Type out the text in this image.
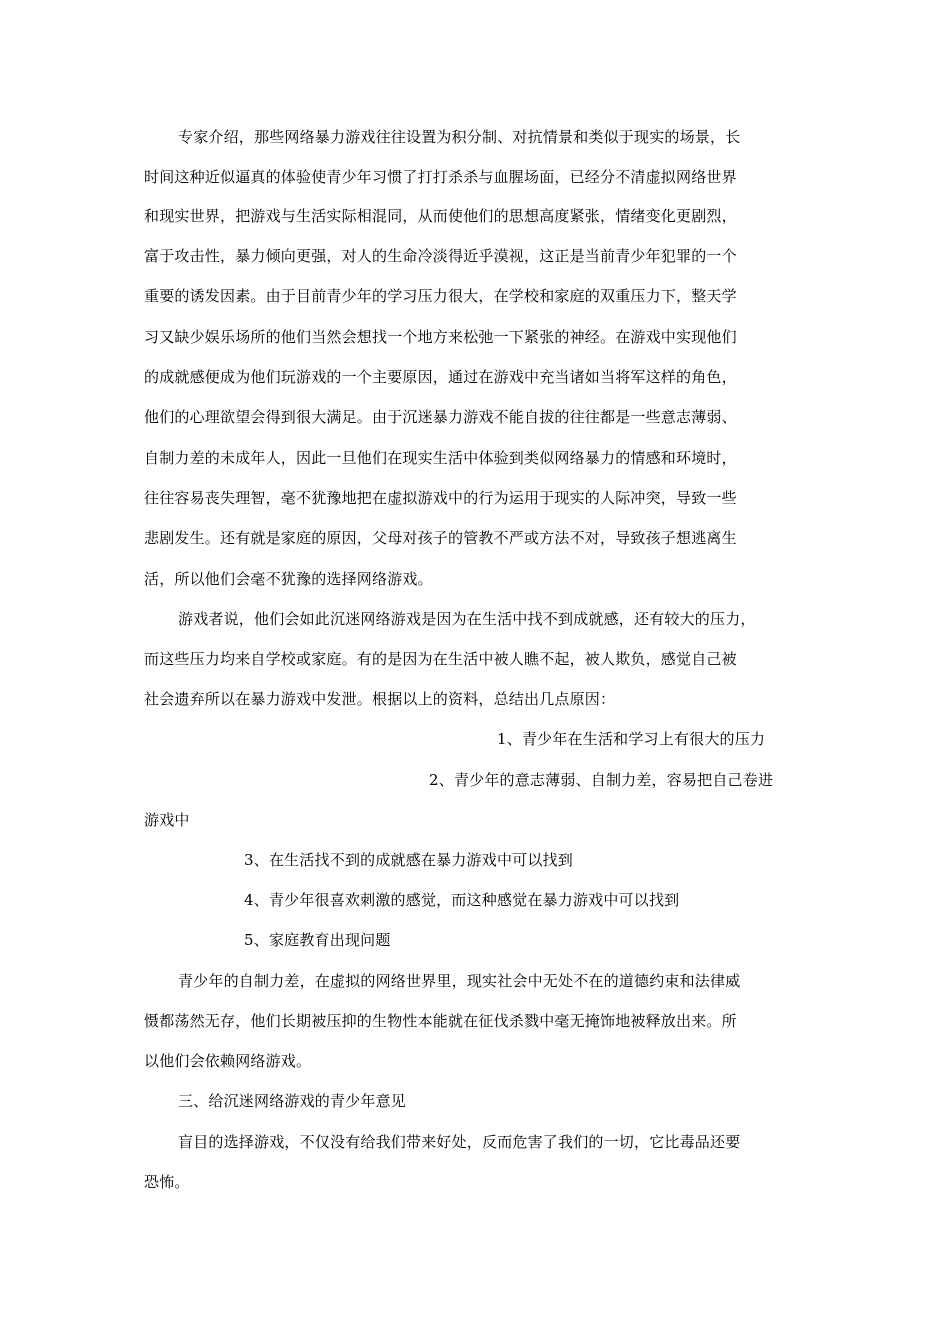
专家介绍，那些网络暴力游戏往往设置为积分制、对抗情景和类似于现实的场景，长
时间这种近似逼真的体验使青少年习惯了打打杀杀与血腥场面，已经分不清虚拟网络世界
和现实世界，把游戏与生活实际相混同，从而使他们的思想高度紧张，情绪变化更剧烈，
富于攻击性，暴力倾向更强，对人的生命冷淡得近乎漠视，这正是当前青少年犯罪的一个
重要的诱发因素。由于目前青少年的学习压力很大，在学校和家庭的双重压力下，整天学
习又缺少娱乐场所的他们当然会想找一个地方来松弛一下紧张的神经。在游戏中实现他们
的成就感便成为他们玩游戏的一个主要原因，通过在游戏中充当诸如当将军这样的角色，
他们的心理欲望会得到很大满足。由于沉迷暴力游戏不能自拔的往往都是一些意志薄弱、
自制力差的未成年人，因此一旦他们在现实生活中体验到类似网络暴力的情感和环境时，
往往容易丧失理智，毫不犹豫地把在虚拟游戏中的行为运用于现实的人际冲突，导致一些
悲剧发生。还有就是家庭的原因，父母对孩子的管教不严或方法不对，导致孩子想逃离生
活，所以他们会毫不犹豫的选择网络游戏。
游戏者说，他们会如此沉迷网络游戏是因为在生活中找不到成就感，还有较大的压力，
而这些压力均来自学校或家庭。有的是因为在生活中被人瞧不起，被人欺负，感觉自己被
社会遗弃所以在暴力游戏中发泄。根据以上的资料，总结出几点原因：
1、青少年在生活和学习上有很大的压力
2、青少年的意志薄弱、自制力差，容易把自己卷进
游戏中
3、在生活找不到的成就感在暴力游戏中可以找到
4、青少年很喜欢刺激的感觉，而这种感觉在暴力游戏中可以找到
5、家庭教育出现问题
青少年的自制力差，在虚拟的网络世界里，现实社会中无处不在的道德约束和法律威
慑都荡然无存，他们长期被压抑的生物性本能就在征伐杀戮中毫无掩饰地被释放出来。所
以他们会依赖网络游戏。
三、给沉迷网络游戏的青少年意见
盲目的选择游戏，不仅没有给我们带来好处，反而危害了我们的一切，它比毒品还要
恐怖。
